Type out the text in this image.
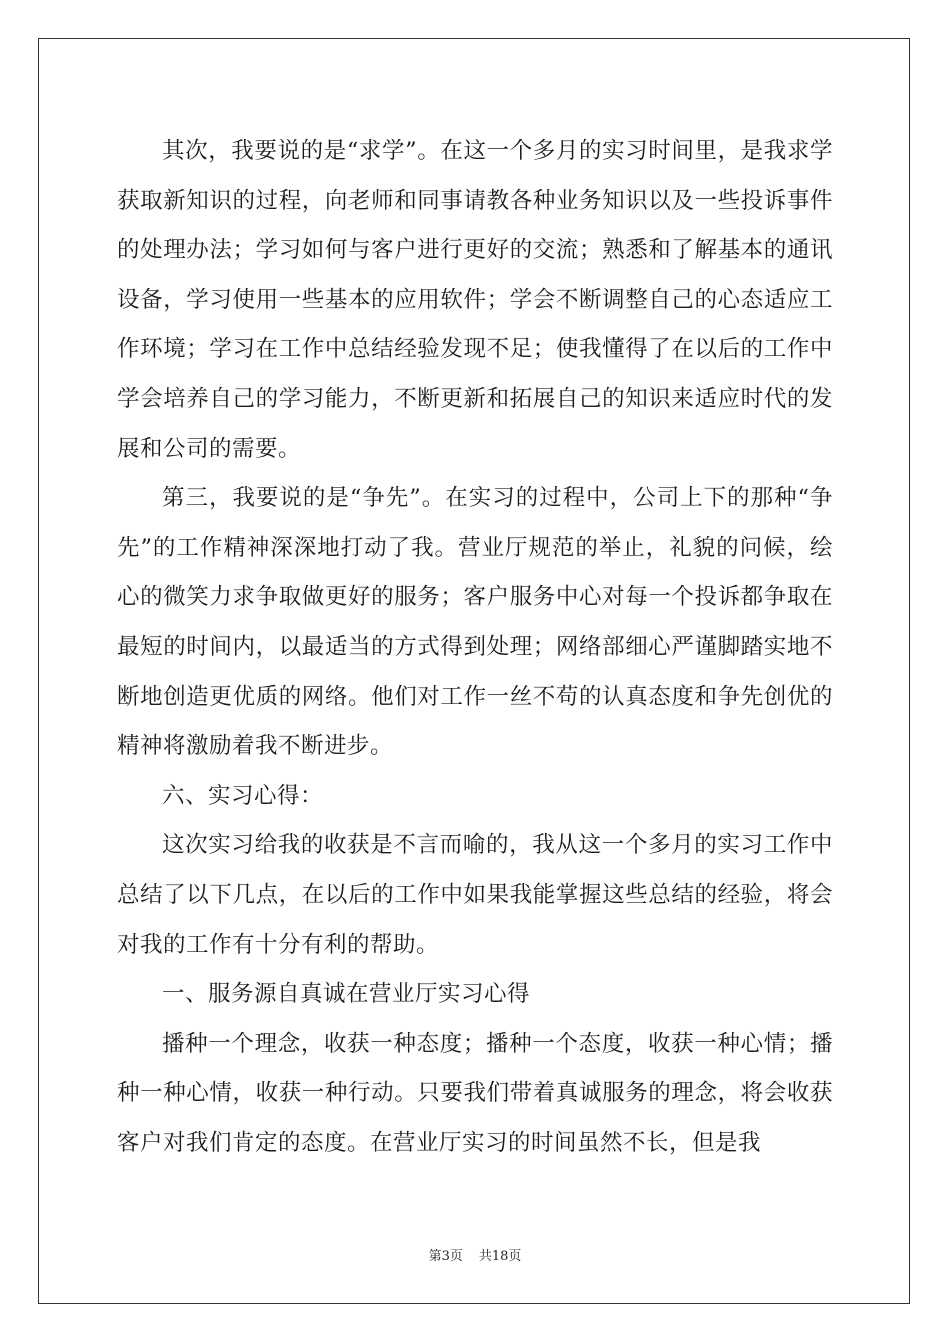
其次，我要说的是“求学”。在这一个多月的实习时间里，是我求学获取新知识的过程，向老师和同事请教各种业务知识以及一些投诉事件的处理办法；学习如何与客户进行更好的交流；熟悉和了解基本的通讯设备，学习使用一些基本的应用软件；学会不断调整自己的心态适应工作环境；学习在工作中总结经验发现不足；使我懂得了在以后的工作中学会培养自己的学习能力，不断更新和拓展自己的知识来适应时代的发展和公司的需要。

第三，我要说的是“争先”。在实习的过程中，公司上下的那种“争先”的工作精神深深地打动了我。营业厅规范的举止，礼貌的问候，绘心的微笑力求争取做更好的服务；客户服务中心对每一个投诉都争取在最短的时间内，以最适当的方式得到处理；网络部细心严谨脚踏实地不断地创造更优质的网络。他们对工作一丝不苟的认真态度和争先创优的精神将激励着我不断进步。

六、实习心得：

这次实习给我的收获是不言而喻的，我从这一个多月的实习工作中总结了以下几点，在以后的工作中如果我能掌握这些总结的经验，将会对我的工作有十分有利的帮助。

一、服务源自真诚在营业厅实习心得

播种一个理念，收获一种态度；播种一个态度，收获一种心情；播种一种心情，收获一种行动。只要我们带着真诚服务的理念，将会收获客户对我们肯定的态度。在营业厅实习的时间虽然不长，但是我

第3页 共18页
